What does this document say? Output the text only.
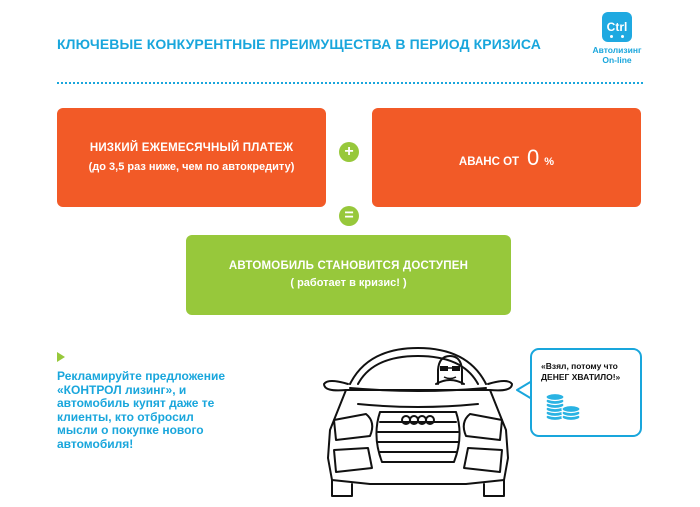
КЛЮЧЕВЫЕ КОНКУРЕНТНЫЕ ПРЕИМУЩЕСТВА В ПЕРИОД КРИЗИСА
Ctrl
Автолизинг
On-line
НИЗКИЙ ЕЖЕМЕСЯЧНЫЙ ПЛАТЕЖ
(до 3,5 раз ниже, чем по автокредиту)
+
АВАНС ОТ 0 %
=
АВТОМОБИЛЬ СТАНОВИТСЯ ДОСТУПЕН
( работает в кризис! )
Рекламируйте предложение «КОНТРОЛ лизинг», и автомобиль купят даже те клиенты, кто отбросил мысли о покупке нового автомобиля!
«Взял, потому что ДЕНЕГ ХВАТИЛО!»
